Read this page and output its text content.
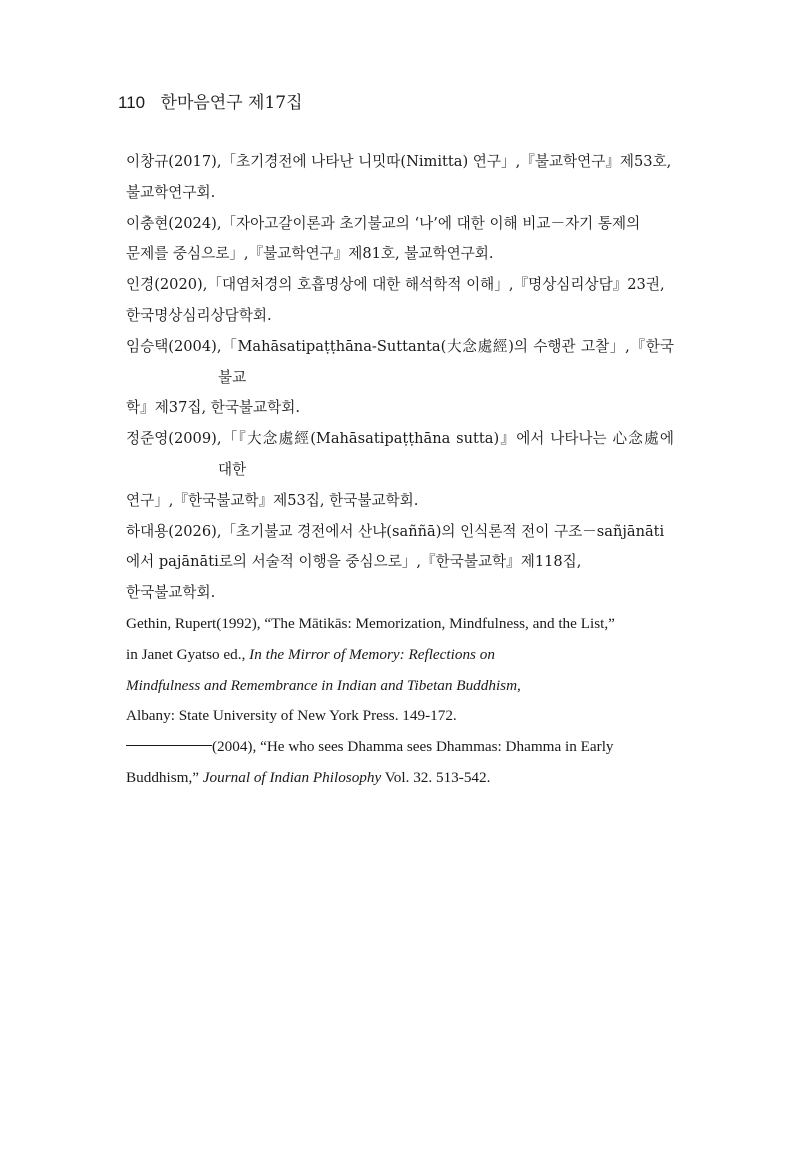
110 한마음연구 제17집
이창규(2017),「초기경전에 나타난 니밋따(Nimitta) 연구」,『불교학연구』제53호,
불교학연구회.
이충현(2024),「자아고갈이론과 초기불교의 ‘나’에 대한 이해 비교－자기 통제의
문제를 중심으로」,『불교학연구』제81호, 불교학연구회.
인경(2020),「대염처경의 호흡명상에 대한 해석학적 이해」,『명상심리상담』23권,
한국명상심리상담학회.
임승택(2004),「Mahāsatipaṭṭhāna-Suttanta(大念處經)의 수행관 고찰」,『한국불교
학』제37집, 한국불교학회.
정준영(2009),「『大念處經(Mahāsatipaṭṭhāna sutta)』에서 나타나는 心念處에 대한
연구」,『한국불교학』제53집, 한국불교학회.
하대용(2026),「초기불교 경전에서 산냐(saññā)의 인식론적 전이 구조－sañjānāti
에서 pajānāti로의 서술적 이행을 중심으로」,『한국불교학』제118집,
한국불교학회.
Gethin, Rupert(1992), “The Mātikās: Memorization, Mindfulness, and the List,”
in Janet Gyatso ed., In the Mirror of Memory: Reflections on
Mindfulness and Remembrance in Indian and Tibetan Buddhism,
Albany: State University of New York Press. 149-172.
(2004), “He who sees Dhamma sees Dhammas: Dhamma in Early
Buddhism,” Journal of Indian Philosophy Vol. 32. 513-542.
